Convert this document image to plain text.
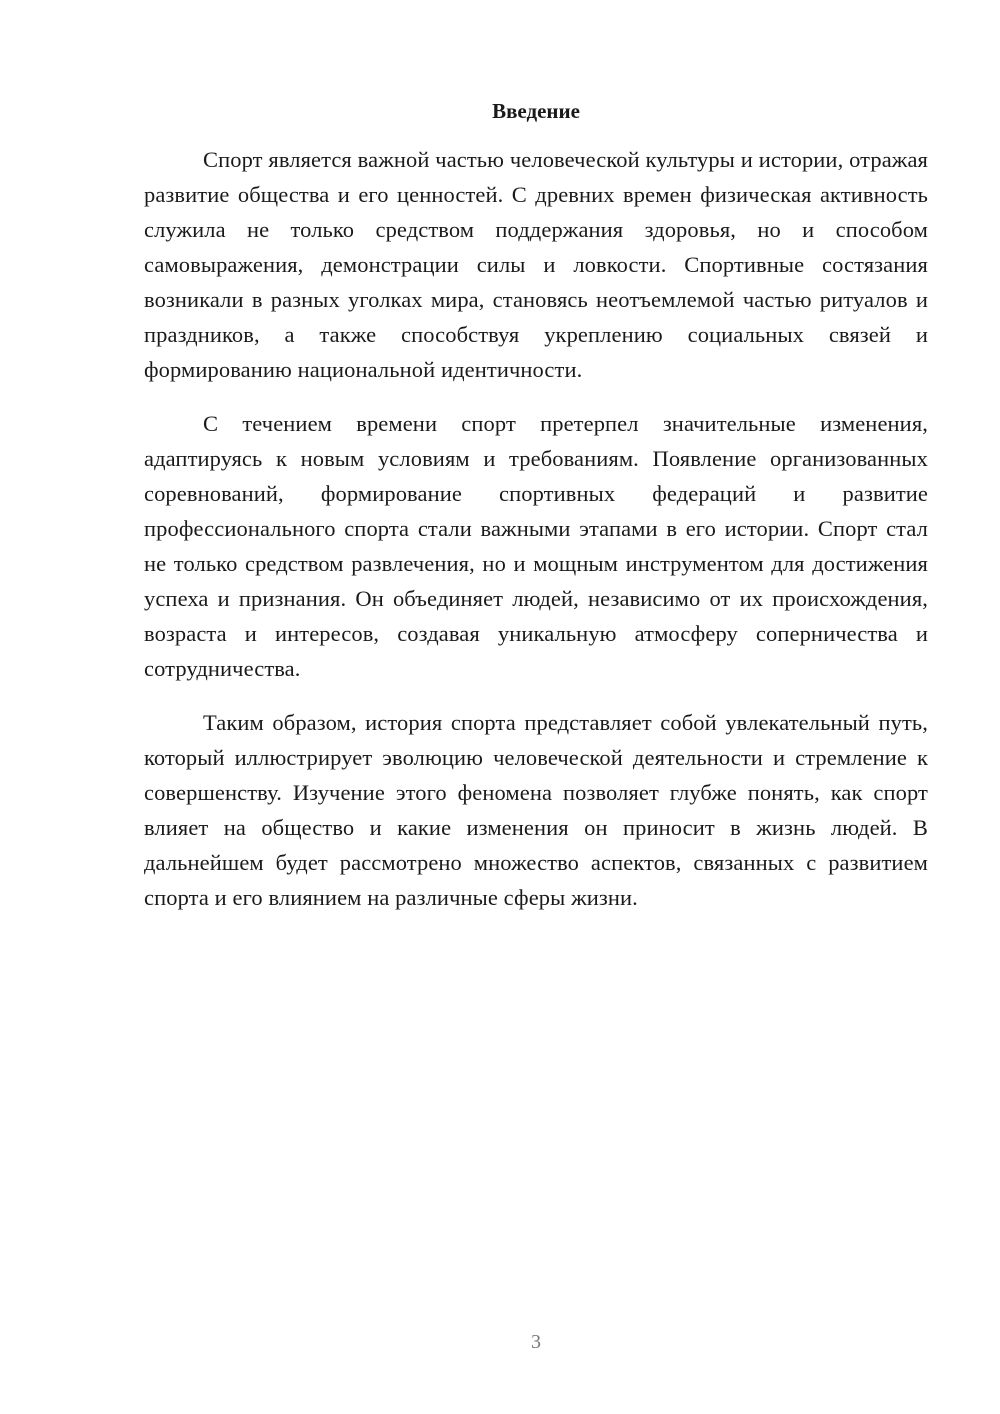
Введение

Спорт является важной частью человеческой культуры и истории, отражая развитие общества и его ценностей. С древних времен физическая активность служила не только средством поддержания здоровья, но и способом самовыражения, демонстрации силы и ловкости. Спортивные состязания возникали в разных уголках мира, становясь неотъемлемой частью ритуалов и праздников, а также способствуя укреплению социальных связей и формированию национальной идентичности.

С течением времени спорт претерпел значительные изменения, адаптируясь к новым условиям и требованиям. Появление организованных соревнований, формирование спортивных федераций и развитие профессионального спорта стали важными этапами в его истории. Спорт стал не только средством развлечения, но и мощным инструментом для достижения успеха и признания. Он объединяет людей, независимо от их происхождения, возраста и интересов, создавая уникальную атмосферу соперничества и сотрудничества.

Таким образом, история спорта представляет собой увлекательный путь, который иллюстрирует эволюцию человеческой деятельности и стремление к совершенству. Изучение этого феномена позволяет глубже понять, как спорт влияет на общество и какие изменения он приносит в жизнь людей. В дальнейшем будет рассмотрено множество аспектов, связанных с развитием спорта и его влиянием на различные сферы жизни.

3
